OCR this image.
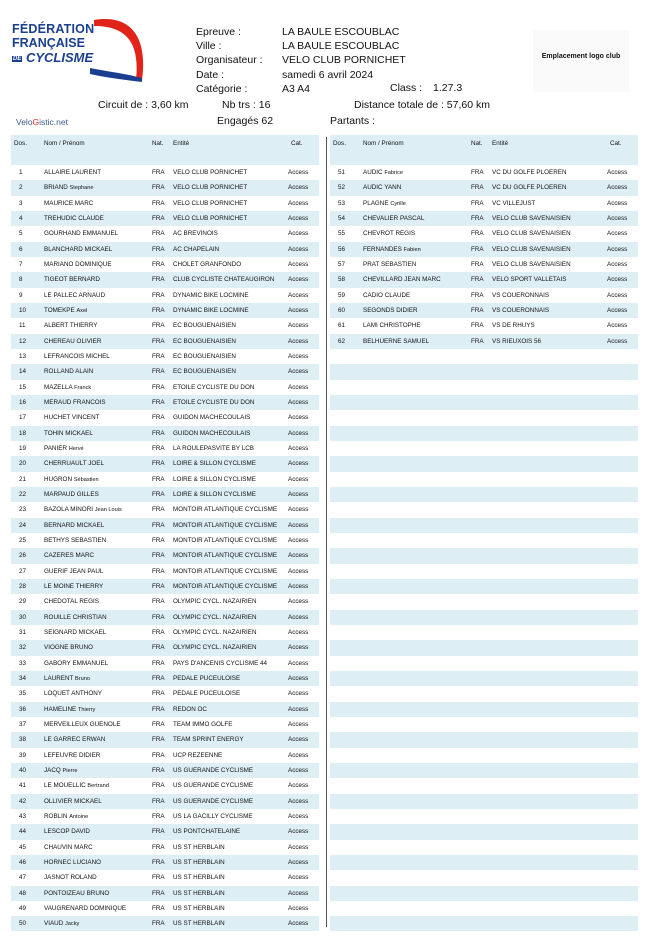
FÉDÉRATION
FRANÇAISE
DE CYCLISME
Epreuve :	LA BAULE ESCOUBLAC
Ville :	LA BAULE ESCOUBLAC
Organisateur : VELO CLUB PORNICHET
Date :	samedi 6 avril 2024
Catégorie :	A3 A4	Class : 1.27.3
Emplacement logo club
Circuit de : 3,60 km	Nb trs : 16	Distance totale de : 57,60 km
Engagés 62	Partants :
VeloGistic.net
Dos.	Nom / Prénom	Nat. Entité	Cat.
1	ALLAIRE LAURENT	FRA VELO CLUB PORNICHET	Access
2	BRIAND Stephane	FRA VELO CLUB PORNICHET	Access
3	MAURICE MARC	FRA VELO CLUB PORNICHET	Access
4	TREHUDIC CLAUDE	FRA VELO CLUB PORNICHET	Access
5	GOURHAND EMMANUEL	FRA AC BREVINOIS	Access
6	BLANCHARD MICKAEL	FRA AC CHAPELAIN	Access
7	MARIANO DOMINIQUE	FRA CHOLET GRANFONDO	Access
8	TIGEOT BERNARD	FRA CLUB CYCLISTE CHATEAUGIRON Access
9	LE PALLEC ARNAUD	FRA DYNAMIC BIKE LOCMINE	Access
10	TOMEKPE Axel	FRA DYNAMIC BIKE LOCMINE	Access
11	ALBERT THIERRY	FRA EC BOUGUENAISIEN	Access
12	CHEREAU OLIVIER	FRA EC BOUGUENAISIEN	Access
13	LEFRANCOIS MICHEL	FRA EC BOUGUENAISIEN	Access
14	ROLLAND ALAIN	FRA EC BOUGUENAISIEN	Access
15	MAZELLA Franck	FRA ETOILE CYCLISTE DU DON	Access
16	MERAUD FRANCOIS	FRA ETOILE CYCLISTE DU DON	Access
17	HUCHET VINCENT	FRA GUIDON MACHECOULAIS	Access
18	TOHIN MICKAEL	FRA GUIDON MACHECOULAIS	Access
19	PANIER Hervé	FRA LA ROULEPASVITE BY LCB	Access
20	CHERRUAULT JOEL	FRA LOIRE & SILLON CYCLISME	Access
21	HUGRON Sébastien	FRA LOIRE & SILLON CYCLISME	Access
22	MARPAUD GILLES	FRA LOIRE & SILLON CYCLISME	Access
23	BAZOLA MINORI Jean Louis	FRA MONTOIR ATLANTIQUE CYCLISME Access
24	BERNARD MICKAEL	FRA MONTOIR ATLANTIQUE CYCLISME Access
25	BETHYS SEBASTIEN	FRA MONTOIR ATLANTIQUE CYCLISME Access
26	CAZERES MARC	FRA MONTOIR ATLANTIQUE CYCLISME Access
27	GUERIF JEAN PAUL	FRA MONTOIR ATLANTIQUE CYCLISME Access
28	LE MOINE THIERRY	FRA MONTOIR ATLANTIQUE CYCLISME Access
29	CHEDOTAL REGIS	FRA OLYMPIC CYCL. NAZAIRIEN	Access
30	ROUILLE CHRISTIAN	FRA OLYMPIC CYCL. NAZAIRIEN	Access
31	SEIGNARD MICKAEL	FRA OLYMPIC CYCL. NAZAIRIEN	Access
32	VIOGNE BRUNO	FRA OLYMPIC CYCL. NAZAIRIEN	Access
33	GABORY EMMANUEL	FRA PAYS D'ANCENIS CYCLISME 44	Access
34	LAURENT Bruno	FRA PEDALE PUCEULOISE	Access
35	LOQUET ANTHONY	FRA PEDALE PUCEULOISE	Access
36	HAMELINE Thierry	FRA REDON OC	Access
37	MERVEILLEUX GUENOLE	FRA TEAM IMMO GOLFE	Access
38	LE GARREC ERWAN	FRA TEAM SPRINT ENERGY	Access
39	LEFEUVRE DIDIER	FRA UCP REZEENNE	Access
40	JACQ Pierre	FRA US GUERANDE CYCLISME	Access
41	LE MOUELLIC Bertrand	FRA US GUERANDE CYCLISME	Access
42	OLLIVIER MICKAEL	FRA US GUERANDE CYCLISME	Access
43	ROBLIN Antoine	FRA US LA GACILLY CYCLISME	Access
44	LESCOP DAVID	FRA US PONTCHATELAINE	Access
45	CHAUVIN MARC	FRA US ST HERBLAIN	Access
46	HORNEC LUCIANO	FRA US ST HERBLAIN	Access
47	JASNOT ROLAND	FRA US ST HERBLAIN	Access
48	PONTOIZEAU BRUNO	FRA US ST HERBLAIN	Access
49	VAUGRENARD DOMINIQUE	FRA US ST HERBLAIN	Access
50	VIAUD Jacky	FRA US ST HERBLAIN	Access
Dos.	Nom / Prénom	Nat. Entité	Cat.
51	AUDIC Fabrice	FRA VC DU GOLFE PLOEREN	Access
52	AUDIC YANN	FRA VC DU GOLFE PLOEREN	Access
53	PLAGNE Cyrille	FRA VC VILLEJUST	Access
54	CHEVALIER PASCAL	FRA VELO CLUB SAVENAISIEN	Access
55	CHEVROT REGIS	FRA VELO CLUB SAVENAISIEN	Access
56	FERNANDES Fabien	FRA VELO CLUB SAVENAISIEN	Access
57	PRAT SEBASTIEN	FRA VELO CLUB SAVENAISIEN	Access
58	CHEVILLARD JEAN MARC	FRA VELO SPORT VALLETAIS	Access
59	CADIO CLAUDE	FRA VS COUERONNAIS	Access
60	SEGONDS DIDIER	FRA VS COUERONNAIS	Access
61	LAMI CHRISTOPHE	FRA VS DE RHUYS	Access
62	BELHUERNE SAMUEL	FRA VS RIEUXOIS 56	Access
